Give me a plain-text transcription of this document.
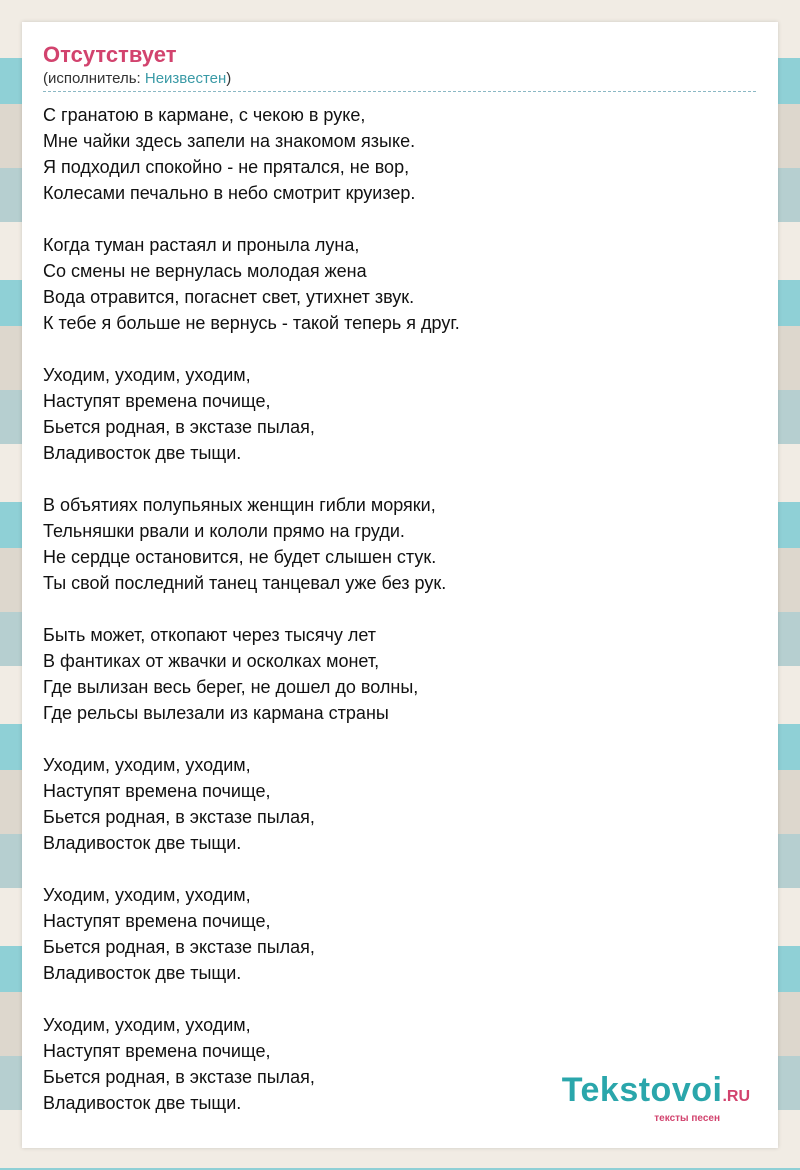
Отсутствует
(исполнитель: Неизвестен)
С гранатою в кармане, с чекою в руке,
Мне чайки здесь запели на знакомом языке.
Я подходил спокойно - не прятался, не вор,
Колесами печально в небо смотрит круизер.
Когда туман растаял и проныла луна,
Со смены не вернулась молодая жена
Вода отравится, погаснет свет, утихнет звук.
К тебе я больше не вернусь - такой теперь я друг.
Уходим, уходим, уходим,
Наступят времена почище,
Бьется родная, в экстазе пылая,
Владивосток две тыщи.
В объятиях полупьяных женщин гибли моряки,
Тельняшки рвали и кололи прямо на груди.
Не сердце остановится, не будет слышен стук.
Ты свой последний танец танцевал уже без рук.
Быть может, откопают через тысячу лет
В фантиках от жвачки и осколках монет,
Где вылизан весь берег, не дошел до волны,
Где рельсы вылезали из кармана страны
Уходим, уходим, уходим,
Наступят времена почище,
Бьется родная, в экстазе пылая,
Владивосток две тыщи.
Уходим, уходим, уходим,
Наступят времена почище,
Бьется родная, в экстазе пылая,
Владивосток две тыщи.
Уходим, уходим, уходим,
Наступят времена почище,
Бьется родная, в экстазе пылая,
Владивосток две тыщи.	Tekstovoi.RU
тексты песен
